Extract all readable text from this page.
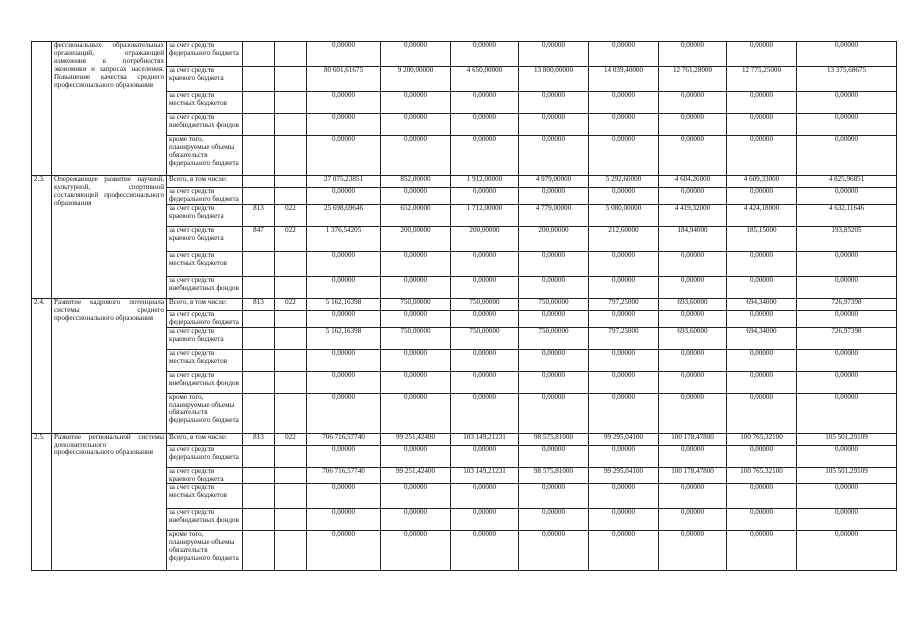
	фессиональных образовательных организаций, отражающей изменения в потребностях экономики и запросах населения. Повышение качества среднего профессионального образования	за счет средств федерального бюджета			0,00000	0,00000	0,00000	0,00000	0,00000	0,00000	0,00000	0,00000
		за счет средств краевого бюджета			80 601,61675	9 200,00000	4 650,00000	13 800,00000	14 039,40000	12 761,28000	12 775,25000	13 375,68675
		за счет средств местных бюджетов			0,00000	0,00000	0,00000	0,00000	0,00000	0,00000	0,00000	0,00000
		за счет средств внебюджетных фондов			0,00000	0,00000	0,00000	0,00000	0,00000	0,00000	0,00000	0,00000
		кроме того, планируемые объемы обязательств федерального бюджета			0,00000	0,00000	0,00000	0,00000	0,00000	0,00000	0,00000	0,00000
2.3.	Опережающее развитие научной, культурной, спортивной составляющей профессионального образования	Всего, в том числе:			27 075,23851	852,00000	1 912,00000	4 979,00000	5 292,60000	4 604,26000	4 609,33000	4 825,96851
		за счет средств федерального бюджета			0,00000	0,00000	0,00000	0,00000	0,00000	0,00000	0,00000	0,00000
		за счет средств краевого бюджета	813	022	25 698,69646	652,00000	1 712,00000	4 779,00000	5 080,00000	4 419,32000	4 424,18000	4 632,11646
		за счет средств краевого бюджета	847	022	1 376,54205	200,00000	200,00000	200,00000	212,60000	184,94000	185,15000	193,85205
		за счет средств местных бюджетов			0,00000	0,00000	0,00000	0,00000	0,00000	0,00000	0,00000	0,00000
		за счет средств внебюджетных фондов			0,00000	0,00000	0,00000	0,00000	0,00000	0,00000	0,00000	0,00000
2.4.	Развитие кадрового потенциала системы среднего профессионального образования	Всего, в том числе:	813	022	5 162,16398	750,00000	750,00000	750,00000	797,25000	693,60000	694,34000	726,97398
		за счет средств федерального бюджета			0,00000	0,00000	0,00000	0,00000	0,00000	0,00000	0,00000	0,00000
		за счет средств краевого бюджета			5 162,16398	750,00000	750,00000	750,00000	797,25000	693,60000	694,34000	726,97398
		за счет средств местных бюджетов			0,00000	0,00000	0,00000	0,00000	0,00000	0,00000	0,00000	0,00000
		за счет средств внебюджетных фондов			0,00000	0,00000	0,00000	0,00000	0,00000	0,00000	0,00000	0,00000
		кроме того, планируемые объемы обязательств федерального бюджета			0,00000	0,00000	0,00000	0,00000	0,00000	0,00000	0,00000	0,00000
2.5.	Развитие региональной системы дополнительного профессионального образования	Всего, в том числе:	813	022	706 716,57740	99 251,42400	103 149,21231	98 575,81000	99 295,04100	100 178,47800	100 765,32100	105 501,29109
		за счет средств федерального бюджета			0,00000	0,00000	0,00000	0,00000	0,00000	0,00000	0,00000	0,00000
		за счет средств краевого бюджета			706 716,57740	99 251,42400	103 149,21231	98 575,81000	99 295,04100	100 178,47800	100 765,32100	105 501,29109
		за счет средств местных бюджетов			0,00000	0,00000	0,00000	0,00000	0,00000	0,00000	0,00000	0,00000
		за счет средств внебюджетных фондов			0,00000	0,00000	0,00000	0,00000	0,00000	0,00000	0,00000	0,00000
		кроме того, планируемые объемы обязательств федерального бюджета			0,00000	0,00000	0,00000	0,00000	0,00000	0,00000	0,00000	0,00000
